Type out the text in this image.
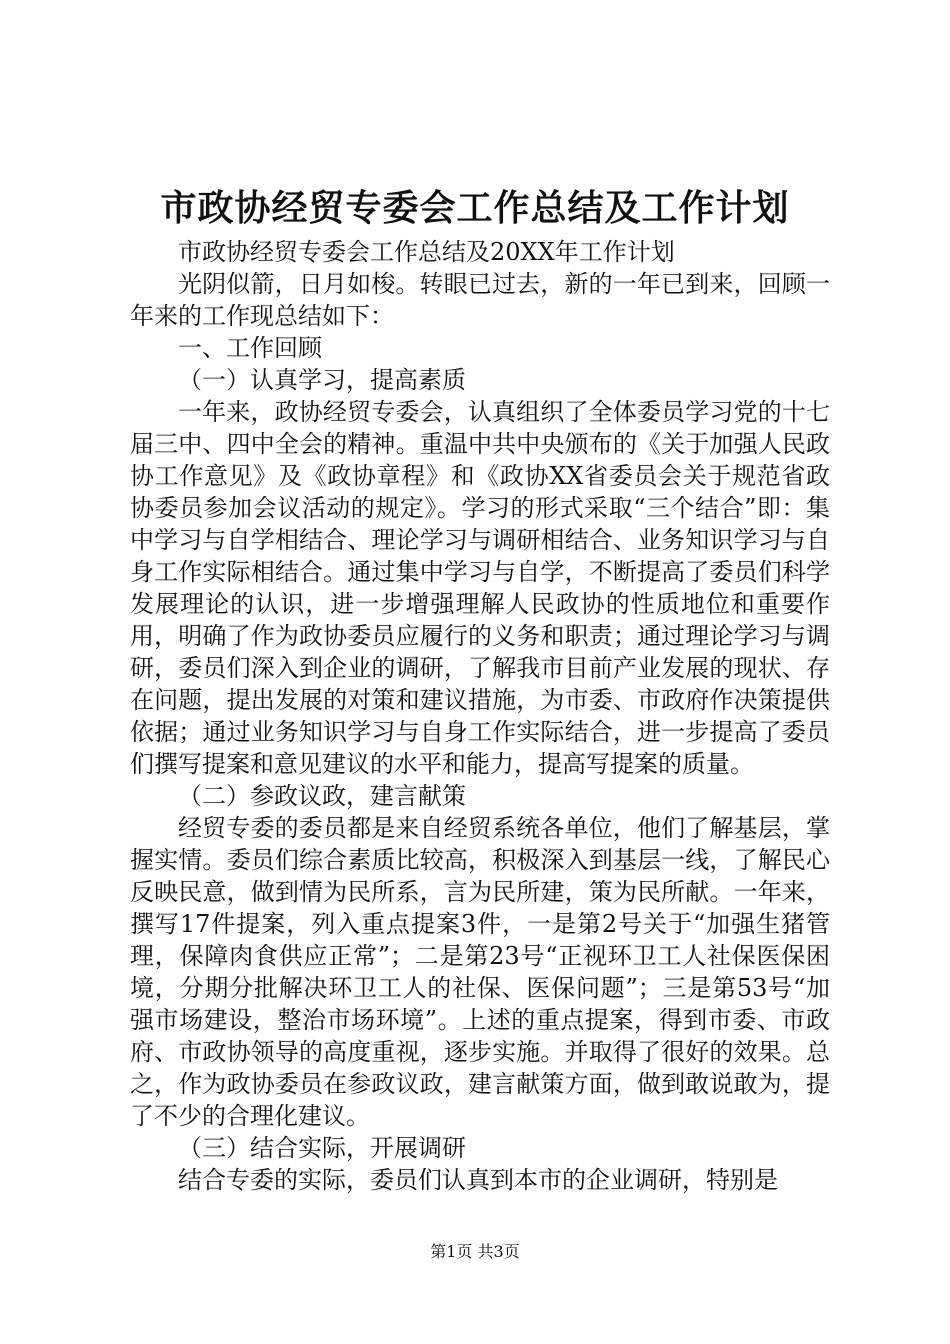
市政协经贸专委会工作总结及工作计划

市政协经贸专委会工作总结及20XX年工作计划

光阴似箭，日月如梭。转眼已过去，新的一年已到来，回顾一年来的工作现总结如下：

一、工作回顾

（一）认真学习，提高素质

一年来，政协经贸专委会，认真组织了全体委员学习党的十七届三中、四中全会的精神。重温中共中央颁布的《关于加强人民政协工作意见》及《政协章程》和《政协XX省委员会关于规范省政协委员参加会议活动的规定》。学习的形式采取“三个结合”即：集中学习与自学相结合、理论学习与调研相结合、业务知识学习与自身工作实际相结合。通过集中学习与自学，不断提高了委员们科学发展理论的认识，进一步增强理解人民政协的性质地位和重要作用，明确了作为政协委员应履行的义务和职责；通过理论学习与调研，委员们深入到企业的调研，了解我市目前产业发展的现状、存在问题，提出发展的对策和建议措施，为市委、市政府作决策提供依据；通过业务知识学习与自身工作实际结合，进一步提高了委员们撰写提案和意见建议的水平和能力，提高写提案的质量。

（二）参政议政，建言献策

经贸专委的委员都是来自经贸系统各单位，他们了解基层，掌握实情。委员们综合素质比较高，积极深入到基层一线，了解民心反映民意，做到情为民所系，言为民所建，策为民所献。一年来，撰写17件提案，列入重点提案3件，一是第2号关于“加强生猪管理，保障肉食供应正常”；二是第23号“正视环卫工人社保医保困境，分期分批解决环卫工人的社保、医保问题”；三是第53号“加强市场建设，整治市场环境”。上述的重点提案，得到市委、市政府、市政协领导的高度重视，逐步实施。并取得了很好的效果。总之，作为政协委员在参政议政，建言献策方面，做到敢说敢为，提了不少的合理化建议。

（三）结合实际，开展调研

结合专委的实际，委员们认真到本市的企业调研，特别是

第1页 共3页
